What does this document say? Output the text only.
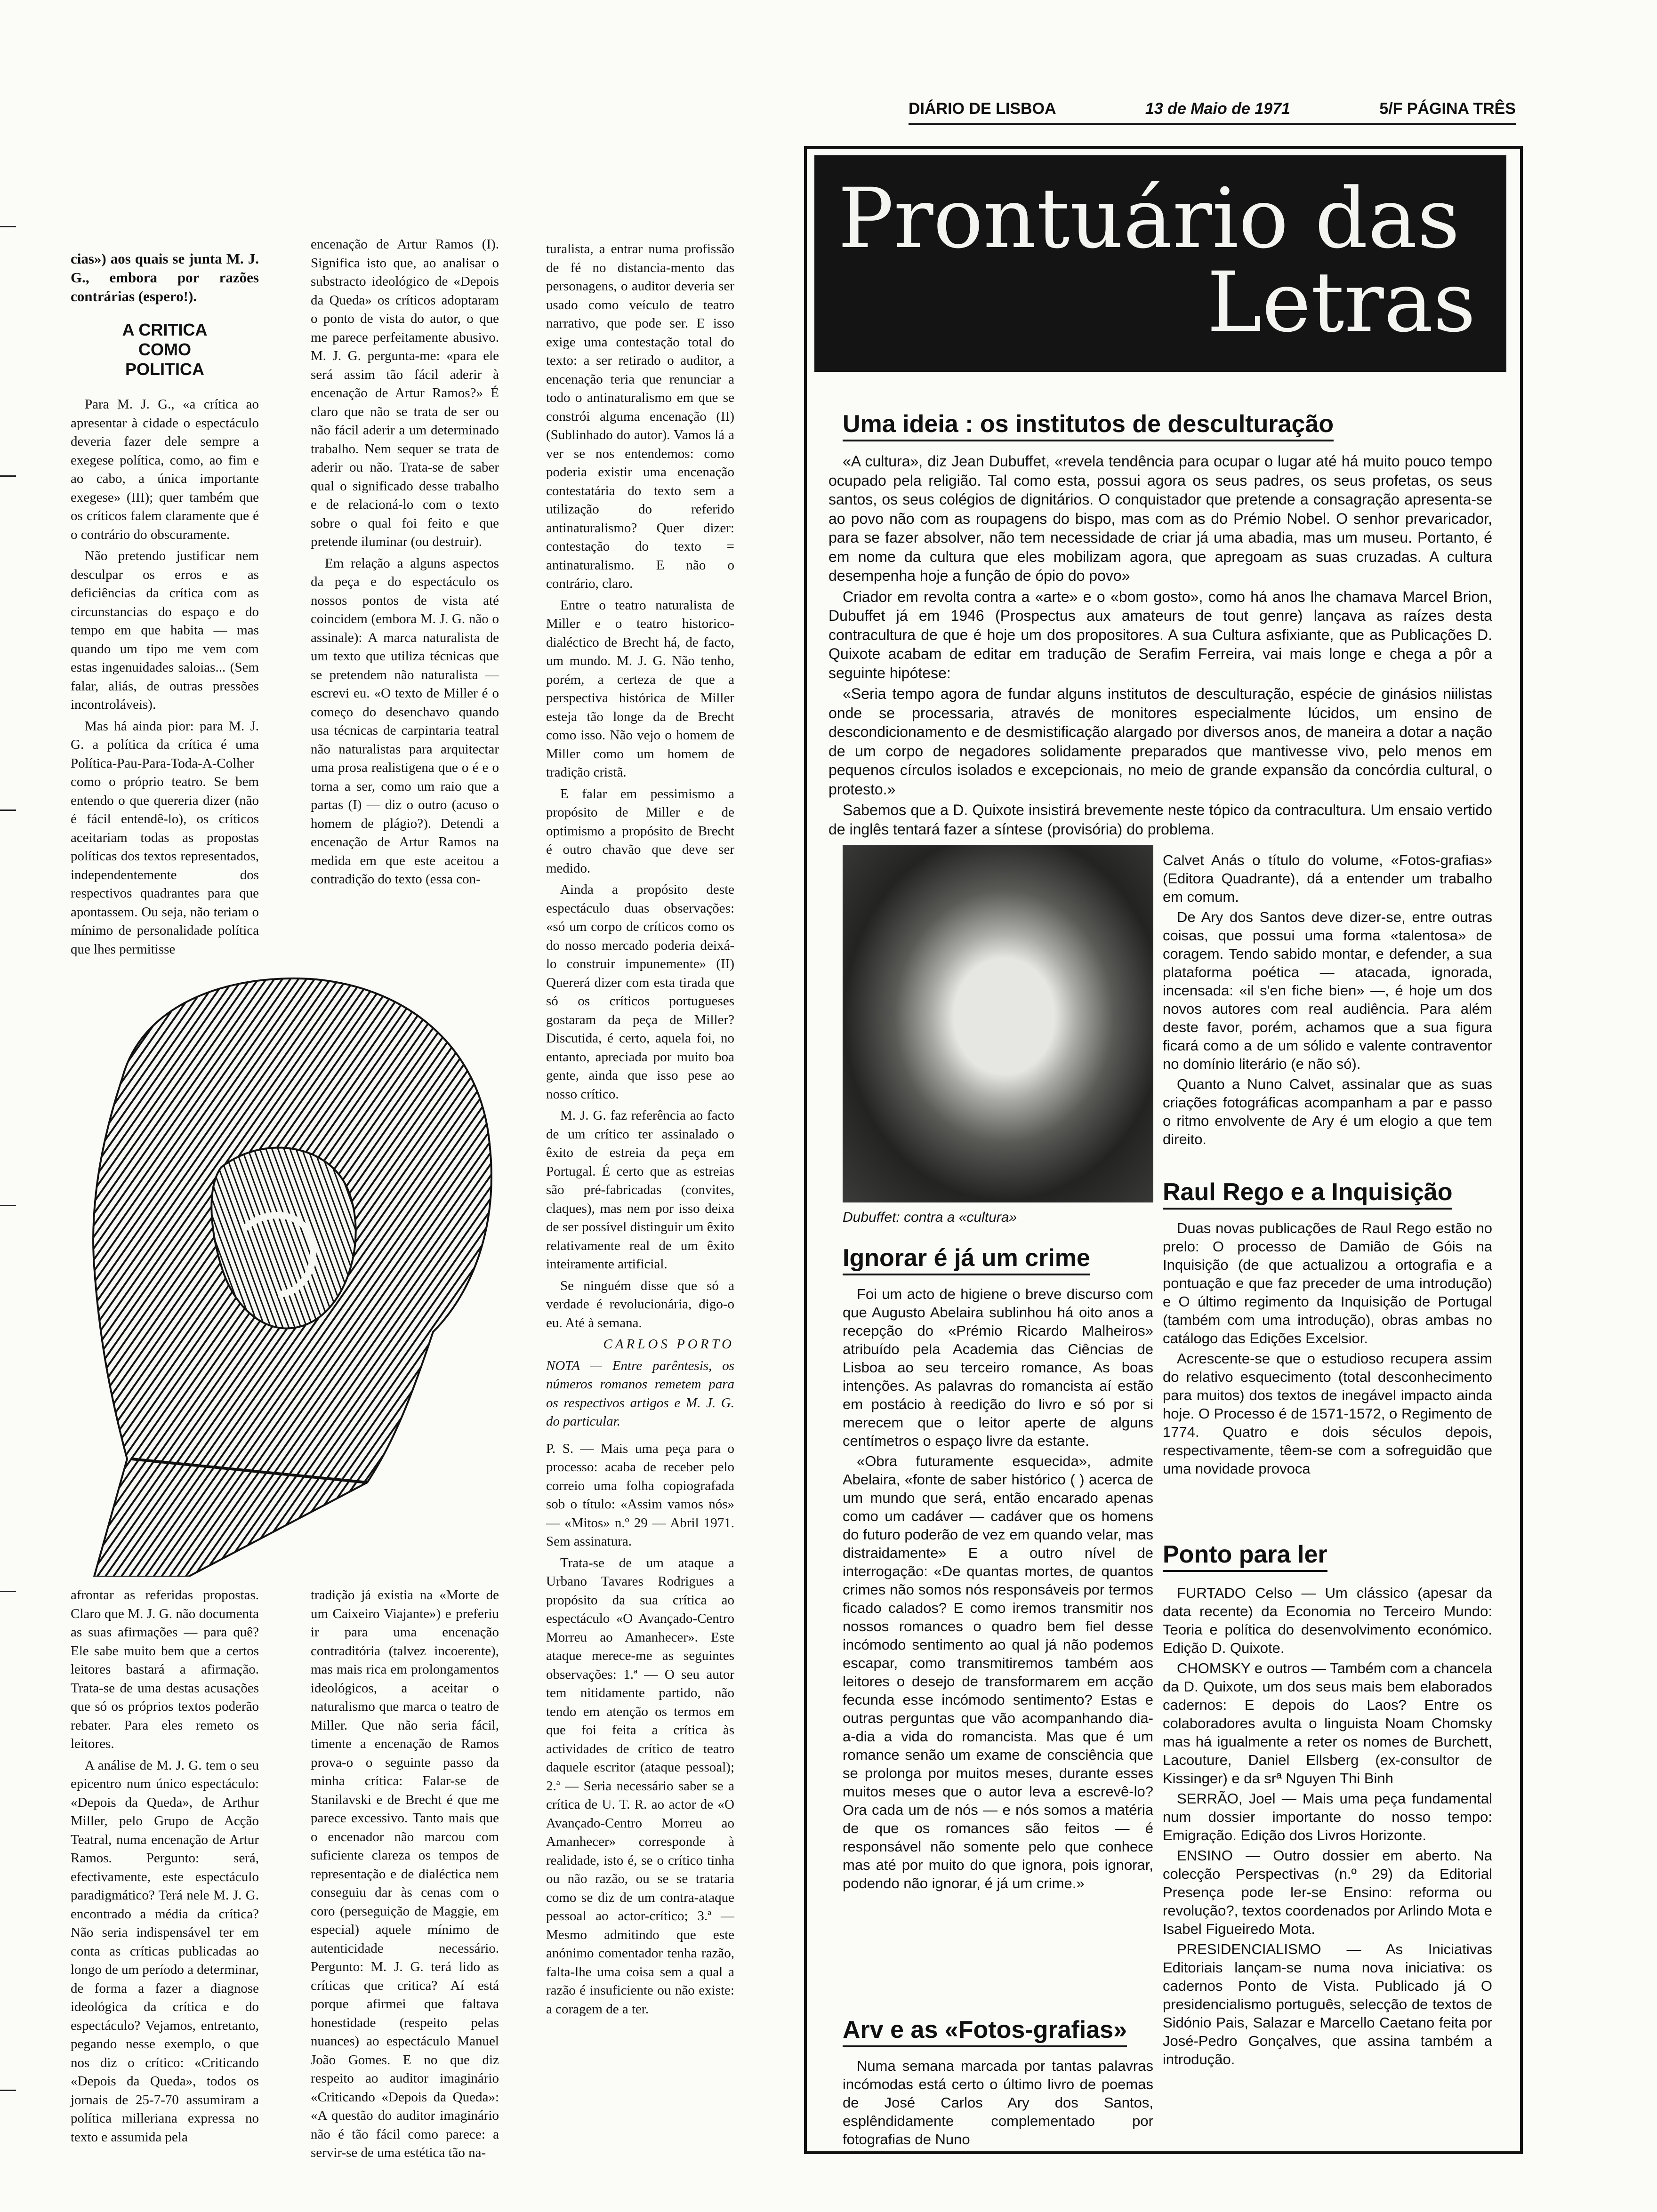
DIÁRIO DE LISBOA	13 de Maio de 1971	5/F PÁGINA TRÊS

cias») aos quais se junta M. J. G., embora por razões contrárias (espero!).

A CRITICA
COMO
POLITICA

Para M. J. G., «a crítica ao apresentar à cidade o espectáculo deveria fazer dele sempre a exegese política, como, ao fim e ao cabo, a única importante exegese» (III); quer também que os críticos falem claramente que é o contrário do obscuramente.

Não pretendo justificar nem desculpar os erros e as deficiências da crítica com as circunstancias do espaço e do tempo em que habita — mas quando um tipo me vem com estas ingenuidades saloias... (Sem falar, aliás, de outras pressões incontroláveis).

Mas há ainda pior: para M. J. G. a política da crítica é uma Política-Pau-Para-Toda-A-Colher como o próprio teatro. Se bem entendo o que quereria dizer (não é fácil entendê-lo), os críticos aceitariam todas as propostas políticas dos textos representados, independentemente dos respectivos quadrantes para que apontassem. Ou seja, não teriam o mínimo de personalidade política que lhes permitisse

encenação de Artur Ramos (I). Significa isto que, ao analisar o substracto ideológico de «Depois da Queda» os críticos adoptaram o ponto de vista do autor, o que me parece perfeitamente abusivo. M. J. G. pergunta-me: «para ele será assim tão fácil aderir à encenação de Artur Ramos?» É claro que não se trata de ser ou não fácil aderir a um determinado trabalho. Nem sequer se trata de aderir ou não. Trata-se de saber qual o significado desse trabalho e de relacioná-lo com o texto sobre o qual foi feito e que pretende iluminar (ou destruir).

Em relação a alguns aspectos da peça e do espectáculo os nossos pontos de vista até coincidem (embora M. J. G. não o assinale): A marca naturalista de um texto que utiliza técnicas que se pretendem não naturalista — escrevi eu. «O texto de Miller é o começo do desenchavo quando usa técnicas de carpintaria teatral não naturalistas para arquitectar uma prosa realistigena que o é e o torna a ser, como um raio que a partas (I) — diz o outro (acuso o homem de plágio?). Detendi a encenação de Artur Ramos na medida em que este aceitou a contradição do texto (essa con-

turalista, a entrar numa profissão de fé no distancia-mento das personagens, o auditor deveria ser usado como veículo de teatro narrativo, que pode ser. E isso exige uma contestação total do texto: a ser retirado o auditor, a encenação teria que renunciar a todo o antinaturalismo em que se constrói alguma encenação (II) (Sublinhado do autor). Vamos lá a ver se nos entendemos: como poderia existir uma encenação contestatária do texto sem a utilização do referido antinaturalismo? Quer dizer: contestação do texto = antinaturalismo. E não o contrário, claro.

Entre o teatro naturalista de Miller e o teatro historico-dialéctico de Brecht há, de facto, um mundo. M. J. G. Não tenho, porém, a certeza de que a perspectiva histórica de Miller esteja tão longe da de Brecht como isso. Não vejo o homem de Miller como um homem de tradição cristã.

E falar em pessimismo a propósito de Miller e de optimismo a propósito de Brecht é outro chavão que deve ser medido.

Ainda a propósito deste espectáculo duas observações: «só um corpo de críticos como os do nosso mercado poderia deixá-lo construir impunemente» (II) Quererá dizer com esta tirada que só os críticos portugueses gostaram da peça de Miller? Discutida, é certo, aquela foi, no entanto, apreciada por muito boa gente, ainda que isso pese ao nosso crítico.

M. J. G. faz referência ao facto de um crítico ter assinalado o êxito de estreia da peça em Portugal. É certo que as estreias são pré-fabricadas (convites, claques), mas nem por isso deixa de ser possível distinguir um êxito relativamente real de um êxito inteiramente artificial.

Se ninguém disse que só a verdade é revolucionária, digo-o eu. Até à semana.

CARLOS PORTO

NOTA — Entre parêntesis, os números romanos remetem para os respectivos artigos e M. J. G. do particular.

P. S. — Mais uma peça para o processo: acaba de receber pelo correio uma folha copiografada sob o título: «Assim vamos nós» — «Mitos» n.º 29 — Abril 1971. Sem assinatura.

Trata-se de um ataque a Urbano Tavares Rodrigues a propósito da sua crítica ao espectáculo «O Avançado-Centro Morreu ao Amanhecer». Este ataque merece-me as seguintes observações: 1.ª — O seu autor tem nitidamente partido, não tendo em atenção os termos em que foi feita a crítica às actividades de crítico de teatro daquele escritor (ataque pessoal); 2.ª — Seria necessário saber se a crítica de U. T. R. ao actor de «O Avançado-Centro Morreu ao Amanhecer» corresponde à realidade, isto é, se o crítico tinha ou não razão, ou se se trataria como se diz de um contra-ataque pessoal ao actor-crítico; 3.ª — Mesmo admitindo que este anónimo comentador tenha razão, falta-lhe uma coisa sem a qual a razão é insuficiente ou não existe: a coragem de a ter.

afrontar as referidas propostas. Claro que M. J. G. não documenta as suas afirmações — para quê? Ele sabe muito bem que a certos leitores bastará a afirmação. Trata-se de uma destas acusações que só os próprios textos poderão rebater. Para eles remeto os leitores.

A análise de M. J. G. tem o seu epicentro num único espectáculo: «Depois da Queda», de Arthur Miller, pelo Grupo de Acção Teatral, numa encenação de Artur Ramos. Pergunto: será, efectivamente, este espectáculo paradigmático? Terá nele M. J. G. encontrado a média da crítica? Não seria indispensável ter em conta as críticas publicadas ao longo de um período a determinar, de forma a fazer a diagnose ideológica da crítica e do espectáculo? Vejamos, entretanto, pegando nesse exemplo, o que nos diz o crítico: «Criticando «Depois da Queda», todos os jornais de 25-7-70 assumiram a política milleriana expressa no texto e assumida pela

tradição já existia na «Morte de um Caixeiro Viajante») e preferiu ir para uma encenação contraditória (talvez incoerente), mas mais rica em prolongamentos ideológicos, a aceitar o naturalismo que marca o teatro de Miller. Que não seria fácil, timente a encenação de Ramos prova-o o seguinte passo da minha crítica: Falar-se de Stanilavski e de Brecht é que me parece excessivo. Tanto mais que o encenador não marcou com suficiente clareza os tempos de representação e de dialéctica nem conseguiu dar às cenas com o coro (perseguição de Maggie, em especial) aquele mínimo de autenticidade necessário. Pergunto: M. J. G. terá lido as críticas que critica? Aí está porque afirmei que faltava honestidade (respeito pelas nuances) ao espectáculo Manuel João Gomes. E no que diz respeito ao auditor imaginário «Criticando «Depois da Queda»: «A questão do auditor imaginário não é tão fácil como parece: a servir-se de uma estética tão na-

Prontuário das
Letras
Uma ideia : os institutos de desculturação

«A cultura», diz Jean Dubuffet, «revela tendência para ocupar o lugar até há muito pouco tempo ocupado pela religião. Tal como esta, possui agora os seus padres, os seus profetas, os seus santos, os seus colégios de dignitários. O conquistador que pretende a consagração apresenta-se ao povo não com as roupagens do bispo, mas com as do Prémio Nobel. O senhor prevaricador, para se fazer absolver, não tem necessidade de criar já uma abadia, mas um museu. Portanto, é em nome da cultura que eles mobilizam agora, que apregoam as suas cruzadas. A cultura desempenha hoje a função de ópio do povo»

Criador em revolta contra a «arte» e o «bom gosto», como há anos lhe chamava Marcel Brion, Dubuffet já em 1946 (Prospectus aux amateurs de tout genre) lançava as raízes desta contracultura de que é hoje um dos propositores. A sua Cultura asfixiante, que as Publicações D. Quixote acabam de editar em tradução de Serafim Ferreira, vai mais longe e chega a pôr a seguinte hipótese:

«Seria tempo agora de fundar alguns institutos de desculturação, espécie de ginásios niilistas onde se processaria, através de monitores especialmente lúcidos, um ensino de descondicionamento e de desmistificação alargado por diversos anos, de maneira a dotar a nação de um corpo de negadores solidamente preparados que mantivesse vivo, pelo menos em pequenos círculos isolados e excepcionais, no meio de grande expansão da concórdia cultural, o protesto.»

Sabemos que a D. Quixote insistirá brevemente neste tópico da contracultura. Um ensaio vertido de inglês tentará fazer a síntese (provisória) do problema.

Dubuffet: contra a «cultura»

Calvet Anás o título do volume, «Fotos-grafias» (Editora Quadrante), dá a entender um trabalho em comum.

De Ary dos Santos deve dizer-se, entre outras coisas, que possui uma forma «talentosa» de coragem. Tendo sabido montar, e defender, a sua plataforma poética — atacada, ignorada, incensada: «il s'en fiche bien» —, é hoje um dos novos autores com real audiência. Para além deste favor, porém, achamos que a sua figura ficará como a de um sólido e valente contraventor no domínio literário (e não só).

Quanto a Nuno Calvet, assinalar que as suas criações fotográficas acompanham a par e passo o ritmo envolvente de Ary é um elogio a que tem direito.

Ignorar é já um crime

Foi um acto de higiene o breve discurso com que Augusto Abelaira sublinhou há oito anos a recepção do «Prémio Ricardo Malheiros» atribuído pela Academia das Ciências de Lisboa ao seu terceiro romance, As boas intenções. As palavras do romancista aí estão em postácio à reedição do livro e só por si merecem que o leitor aperte de alguns centímetros o espaço livre da estante.

«Obra futuramente esquecida», admite Abelaira, «fonte de saber histórico ( ) acerca de um mundo que será, então encarado apenas como um cadáver — cadáver que os homens do futuro poderão de vez em quando velar, mas distraidamente» E a outro nível de interrogação: «De quantas mortes, de quantos crimes não somos nós responsáveis por termos ficado calados? E como iremos transmitir nos nossos romances o quadro bem fiel desse incómodo sentimento ao qual já não podemos escapar, como transmitiremos também aos leitores o desejo de transformarem em acção fecunda esse incómodo sentimento? Estas e outras perguntas que vão acompanhando dia-a-dia a vida do romancista. Mas que é um romance senão um exame de consciência que se prolonga por muitos meses, durante esses muitos meses que o autor leva a escrevê-lo? Ora cada um de nós — e nós somos a matéria de que os romances são feitos — é responsável não somente pelo que conhece mas até por muito do que ignora, pois ignorar, podendo não ignorar, é já um crime.»

Arv e as «Fotos-grafias»

Numa semana marcada por tantas palavras incómodas está certo o último livro de poemas de José Carlos Ary dos Santos, esplêndidamente complementado por fotografias de Nuno

Raul Rego e a Inquisição

Duas novas publicações de Raul Rego estão no prelo: O processo de Damião de Góis na Inquisição (de que actualizou a ortografia e a pontuação e que faz preceder de uma introdução) e O último regimento da Inquisição de Portugal (também com uma introdução), obras ambas no catálogo das Edições Excelsior.

Acrescente-se que o estudioso recupera assim do relativo esquecimento (total desconhecimento para muitos) dos textos de inegável impacto ainda hoje. O Processo é de 1571-1572, o Regimento de 1774. Quatro e dois séculos depois, respectivamente, têem-se com a sofreguidão que uma novidade provoca

Ponto para ler

FURTADO Celso — Um clássico (apesar da data recente) da Economia no Terceiro Mundo: Teoria e política do desenvolvimento económico. Edição D. Quixote.

CHOMSKY e outros — Também com a chancela da D. Quixote, um dos seus mais bem elaborados cadernos: E depois do Laos? Entre os colaboradores avulta o linguista Noam Chomsky mas há igualmente a reter os nomes de Burchett, Lacouture, Daniel Ellsberg (ex-consultor de Kissinger) e da srª Nguyen Thi Binh

SERRÃO, Joel — Mais uma peça fundamental num dossier importante do nosso tempo: Emigração. Edição dos Livros Horizonte.

ENSINO — Outro dossier em aberto. Na colecção Perspectivas (n.º 29) da Editorial Presença pode ler-se Ensino: reforma ou revolução?, textos coordenados por Arlindo Mota e Isabel Figueiredo Mota.

PRESIDENCIALISMO — As Iniciativas Editoriais lançam-se numa nova iniciativa: os cadernos Ponto de Vista. Publicado já O presidencialismo português, selecção de textos de Sidónio Pais, Salazar e Marcello Caetano feita por José-Pedro Gonçalves, que assina também a introdução.
